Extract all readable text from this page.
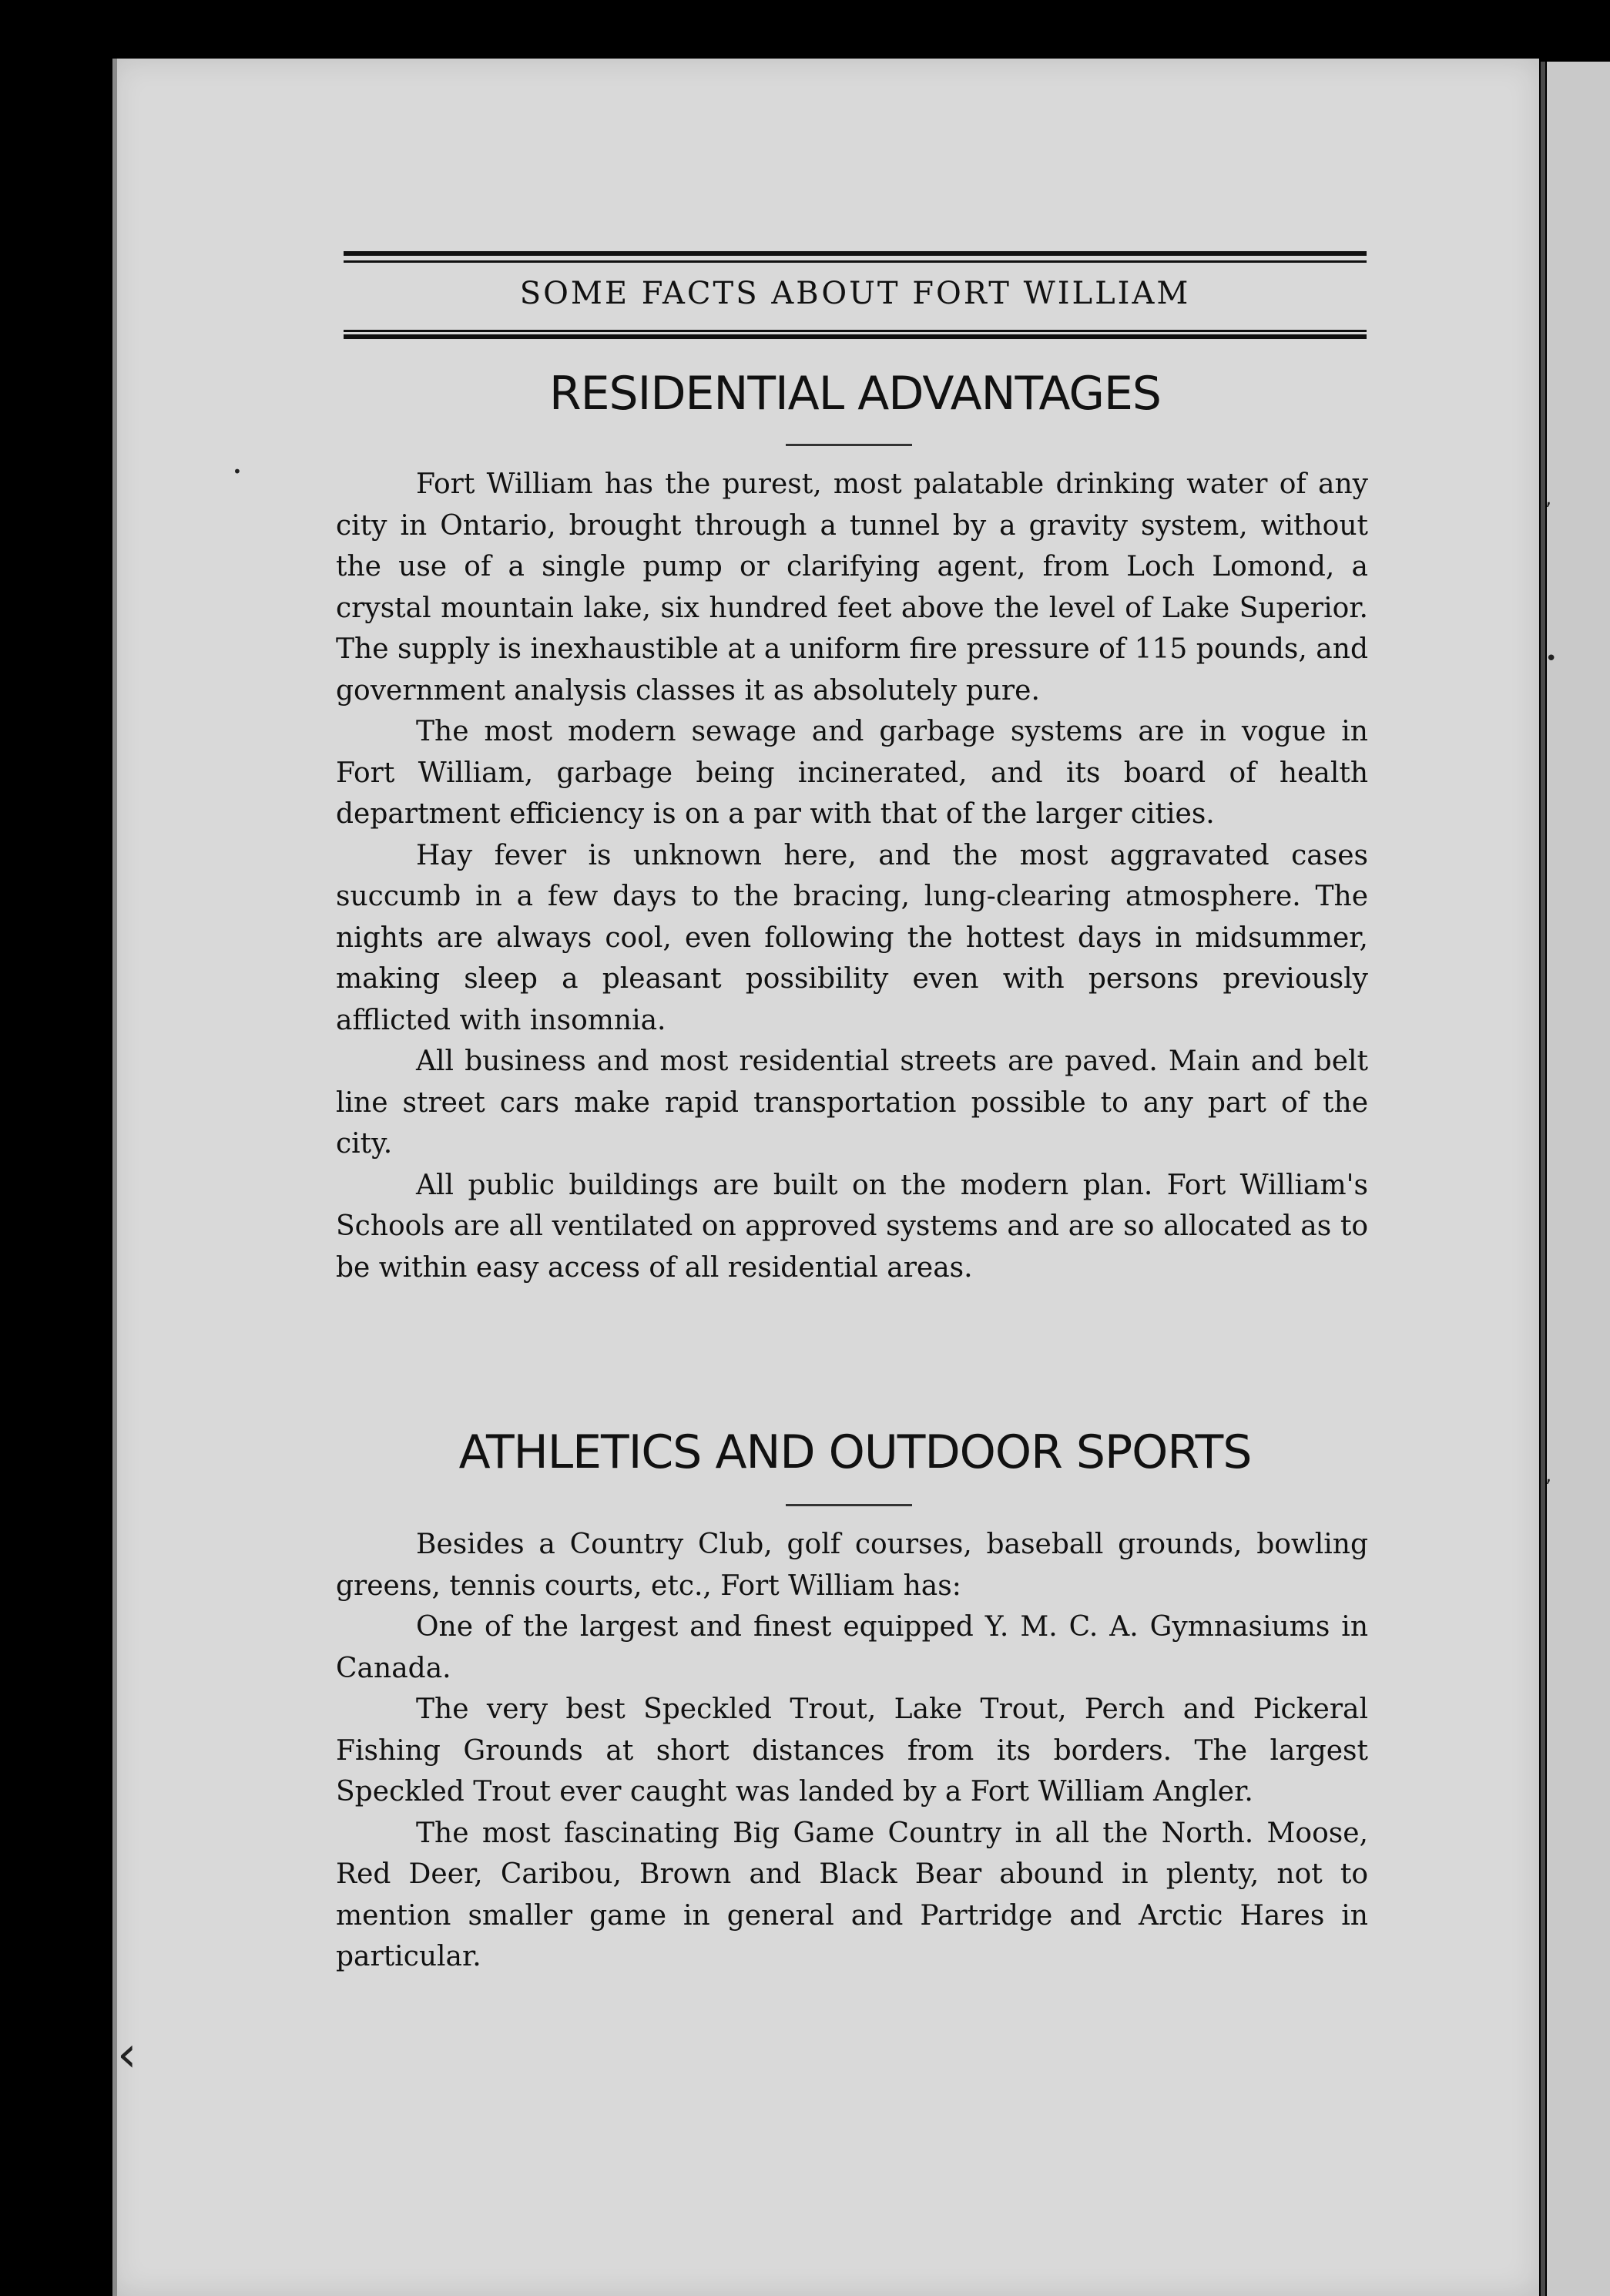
SOME FACTS ABOUT FORT WILLIAM
RESIDENTIAL ADVANTAGES

Fort William has the purest, most palatable drinking water of any city in Ontario, brought through a tunnel by a gravity system, without the use of a single pump or clarifying agent, from Loch Lomond, a crystal mountain lake, six hundred feet above the level of Lake Superior. The supply is inexhaustible at a uniform fire pressure of 115 pounds, and government analysis classes it as absolutely pure.

The most modern sewage and garbage systems are in vogue in Fort William, garbage being incinerated, and its board of health department efficiency is on a par with that of the larger cities.

Hay fever is unknown here, and the most aggravated cases succumb in a few days to the bracing, lung-clearing atmosphere. The nights are always cool, even following the hottest days in midsummer, making sleep a pleasant possibility even with persons previously afflicted with insomnia.

All business and most residential streets are paved. Main and belt line street cars make rapid transportation possible to any part of the city.

All public buildings are built on the modern plan. Fort William's Schools are all ventilated on approved systems and are so allocated as to be within easy access of all residential areas.

ATHLETICS AND OUTDOOR SPORTS

Besides a Country Club, golf courses, baseball grounds, bowling greens, tennis courts, etc., Fort William has:

One of the largest and finest equipped Y. M. C. A. Gymnasiums in Canada.

The very best Speckled Trout, Lake Trout, Perch and Pickeral Fishing Grounds at short distances from its borders. The largest Speckled Trout ever caught was landed by a Fort William Angler.

The most fascinating Big Game Country in all the North. Moose, Red Deer, Caribou, Brown and Black Bear abound in plenty, not to mention smaller game in general and Partridge and Arctic Hares in particular.

•
,
•
,
‹
